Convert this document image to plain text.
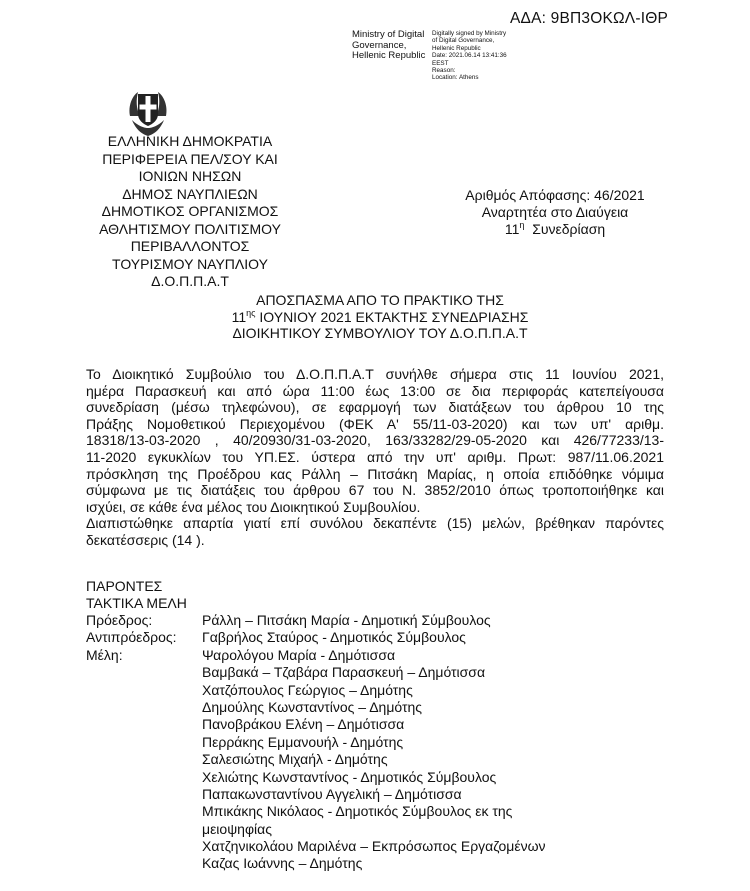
ΑΔΑ: 9ΒΠ3ΟΚΩΛ-ΙΘΡ
Ministry of Digital
Governance,
Hellenic Republic
Digitally signed by Ministry
of Digital Governance,
Hellenic Republic
Date: 2021.06.14 13:41:36
EEST
Reason:
Location: Athens
ΕΛΛΗΝΙΚΗ ΔΗΜΟΚΡΑΤΙΑ
ΠΕΡΙΦΕΡΕΙΑ ΠΕΛ/ΣΟΥ ΚΑΙ
ΙΟΝΙΩΝ ΝΗΣΩΝ
ΔΗΜΟΣ ΝΑΥΠΛΙΕΩΝ
ΔΗΜΟΤΙΚΟΣ ΟΡΓΑΝΙΣΜΟΣ
ΑΘΛΗΤΙΣΜΟΥ ΠΟΛΙΤΙΣΜΟΥ
ΠΕΡΙΒΑΛΛΟΝΤΟΣ
ΤΟΥΡΙΣΜΟΥ ΝΑΥΠΛΙΟΥ
Δ.Ο.Π.Π.Α.Τ
Αριθμός Απόφασης: 46/2021
Αναρτητέα στο Διαύγεια
$11^\eta$ Συνεδρίαση
ΑΠΟΣΠΑΣΜΑ ΑΠΟ ΤΟ ΠΡΑΚΤΙΚΟ ΤΗΣ
$11^{\eta\varsigma}$ ΙΟΥΝΙΟΥ 2021 ΕΚΤΑΚΤΗΣ ΣΥΝΕΔΡΙΑΣΗΣ
ΔΙΟΙΚΗΤΙΚΟΥ ΣΥΜΒΟΥΛΙΟΥ ΤΟΥ Δ.Ο.Π.Π.Α.Τ
Το Διοικητικό Συμβούλιο του Δ.Ο.Π.Π.Α.Τ συνήλθε σήμερα στις 11 Ιουνίου 2021,
ημέρα Παρασκευή και από ώρα 11:00 έως 13:00 σε δια περιφοράς κατεπείγουσα
συνεδρίαση (μέσω τηλεφώνου), σε εφαρμογή των διατάξεων του άρθρου 10 της
Πράξης Νομοθετικού Περιεχομένου (ΦΕΚ Α' 55/11-03-2020) και των υπ' αριθμ.
18318/13-03-2020 , 40/20930/31-03-2020, 163/33282/29-05-2020 και 426/77233/13-
11-2020 εγκυκλίων του ΥΠ.ΕΣ. ύστερα από την υπ' αριθμ. Πρωτ: 987/11.06.2021
πρόσκληση της Προέδρου κας Ράλλη – Πιτσάκη Μαρίας, η οποία επιδόθηκε νόμιμα
σύμφωνα με τις διατάξεις του άρθρου 67 του Ν. 3852/2010 όπως τροποποιήθηκε και
ισχύει, σε κάθε ένα μέλος του Διοικητικού Συμβουλίου.
Διαπιστώθηκε απαρτία γιατί επί συνόλου δεκαπέντε (15) μελών, βρέθηκαν παρόντες
δεκατέσσερις (14 ).
ΠΑΡΟΝΤΕΣ
ΤΑΚΤΙΚΑ ΜΕΛΗ
Πρόεδρος:	Ράλλη – Πιτσάκη Μαρία - Δημοτική Σύμβουλος
Αντιπρόεδρος: Γαβρήλος Σταύρος - Δημοτικός Σύμβουλος
Μέλη:	Ψαρολόγου Μαρία - Δημότισσα
Βαμβακά – Τζαβάρα Παρασκευή – Δημότισσα
Χατζόπουλος Γεώργιος – Δημότης
Δημούλης Κωνσταντίνος – Δημότης
Πανοβράκου Ελένη – Δημότισσα
Περράκης Εμμανουήλ - Δημότης
Σαλεσιώτης Μιχαήλ - Δημότης
Χελιώτης Κωνσταντίνος - Δημοτικός Σύμβουλος
Παπακωνσταντίνου Αγγελική – Δημότισσα
Μπικάκης Νικόλαος - Δημοτικός Σύμβουλος εκ της
μειοψηφίας
Χατζηνικολάου Μαριλένα – Εκπρόσωπος Εργαζομένων
Καζας Ιωάννης – Δημότης
